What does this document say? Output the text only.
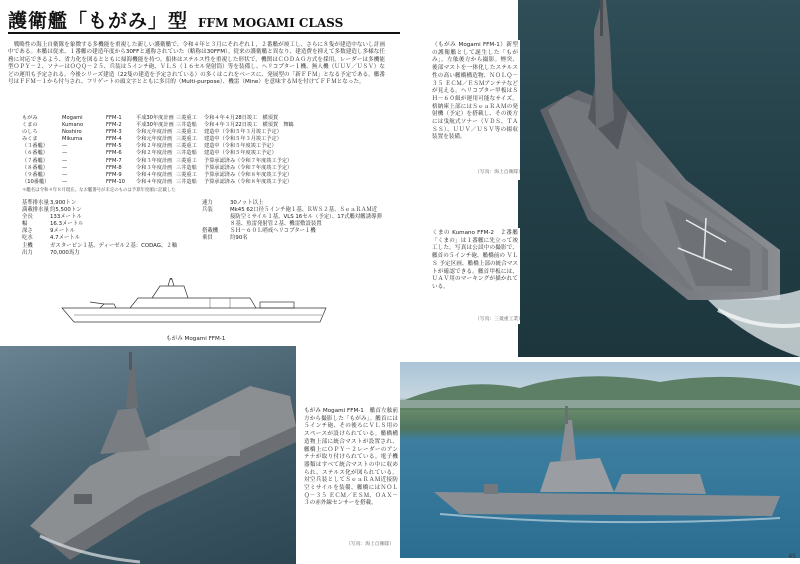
護衛艦「もがみ」型 FFM MOGAMI CLASS
　戦略性の海上自衛隊を象徴する多機能を重視した新しい護衛艦で、令和４年と３月にそれぞれ１，２番艦が竣工し、さらに８隻が建造中ないし計画中である。本艦は従来、１番艦の建造年度から30FFと通称されていた（略称は30FFM）。従来の護衛艦と異なり、建造費を抑えて多数建造し多様な任務に対応できるよう、省力化を図るとともに掃海機能を持つ。船体はステルス性を重視した形状で、機関はＣＯＤＡＧ方式を採用。レーダーは多機能型ＯＰＹ－２、ソナーはＯＱＱ－２５、兵装は５インチ砲、ＶＬＳ（１６セル発射筒）等を装備し、ヘリコプター１機、無人機（ＵＵＶ／ＵＳＶ）などの運用も予定される。今後シリーズ建造（22隻の建造を予定されている）の多くはこれをベースに、発展型の「新ＦＦＭ」となる予定である。艦番号はＦＦＭ－１から付与され、フリゲートの頭文字とともに多目的（Multi-purpose）、機雷（Mine）を意味するＭを付けてＦＦＭとなった。
もがみ	Mogami	FFM-1	平成30年度計画 三菱重工	令和４年４月28日竣工　横須賀
くまの	Kumano	FFM-2	平成30年度計画 三井造船	令和４年３月22日竣工　横須賀　舞鶴
のしろ	Noshiro	FFM-3	令和元年度計画 三菱重工	建造中（令和５年３月竣工予定）
みくま	Mikuma	FFM-4	令和元年度計画 三菱重工	建造中（令和５年３月竣工予定）
（３番艦）	—	FFM-5	令和２年度計画 三菱重工	建造中（令和５年度竣工予定）
（６番艦）	—	FFM-6	令和２年度計画 三井造船	建造中（令和５年度竣工予定）
（７番艦）	—	FFM-7	令和３年度計画 三菱重工	予算承認済み（令和７年度竣工予定）
（８番艦）	—	FFM-8	令和３年度計画 三井造船	予算承認済み（令和７年度竣工予定）
（９番艦）	—	FFM-9	令和４年度計画 三菱重工	予算承認済み（令和８年度竣工予定）
（10番艦）	—	FFM-10	令和４年度計画 三井造船	予算承認済み（令和８年度竣工予定）
＊艦名は令和４年８月現在。なお艦番号が未定のものは予算年度順に記載した
基準排水量 3,900トン
満載排水量 約5,500トン
全長	133メートル
幅	16.3メートル
深さ	9メートル
吃水	4.7メートル
主機	ガスタービン１基、ディーゼル２基：CODAG、２軸
出力	70,000馬力
速力	30ノット以上
兵装	Mk45 62口径５インチ砲１基、ＲＷＳ２基、ＳｅａＲＡＭ近接防空ミサイル１基、VLS 16セル（予定）、17式艦対艦誘導弾８基、魚雷発射管２基、機雷敷設装置
搭載機	ＳＨ－６０Ｌ哨戒ヘリコプター１機
乗員	約90名
もがみ Mogami FFM-1
（もがみ Mogami FFM-1）新型の護衛艦として誕生した「もがみ」。左舷後方から撮影。煙突、後部マストを一体化したステルス性の高い艦橋構造物、ＮＯＬＱ－３５ ＥＣＭ／ＥＳＭアンテナなどが見える。ヘリコプター甲板はＳＨ－６０級が運用可能なサイズ。格納庫上部にはＳｅａＲＡＭの発射機（予定）を搭載し、その後方には曳航式ソナー（ＶＤＳ、ＴＡＳＳ）、ＵＵＶ／ＵＳＶ等の揚収装置を装備。
（写真：海上自衛隊）
くまの Kumano FFM-2　２番艦「くまの」は１番艦に先立って竣工した。写真は公試中の撮影で、艦首の５インチ砲、艦橋前の ＶＬＳ 予定区画、艦橋上部の統合マストが確認できる。艦首甲板には、ＵＡＶ用のマーキングが描かれている。
（写真：三菱重工業）
もがみ Mogami FFM-1　艦首左舷前方から撮影した「もがみ」。艦首には５インチ砲、その後ろにＶＬＳ用のスペースが設けられている。艦橋構造物上部に統合マストが設置され、艦橋上にＯＰＹ－２レーダーのアンテナが取り付けられている。電子機器類はすべて統合マストの中に収められ、ステルス化が図られている。対空兵装としてＳｅａＲＡＭ近接防空ミサイルを装備、艦橋にはＮＯＬＱ－３５ ＥＣＭ／ＥＳＭ、ＯＡＸ－３の赤外線センサーを搭載。
（写真：海上自衛隊）
45
